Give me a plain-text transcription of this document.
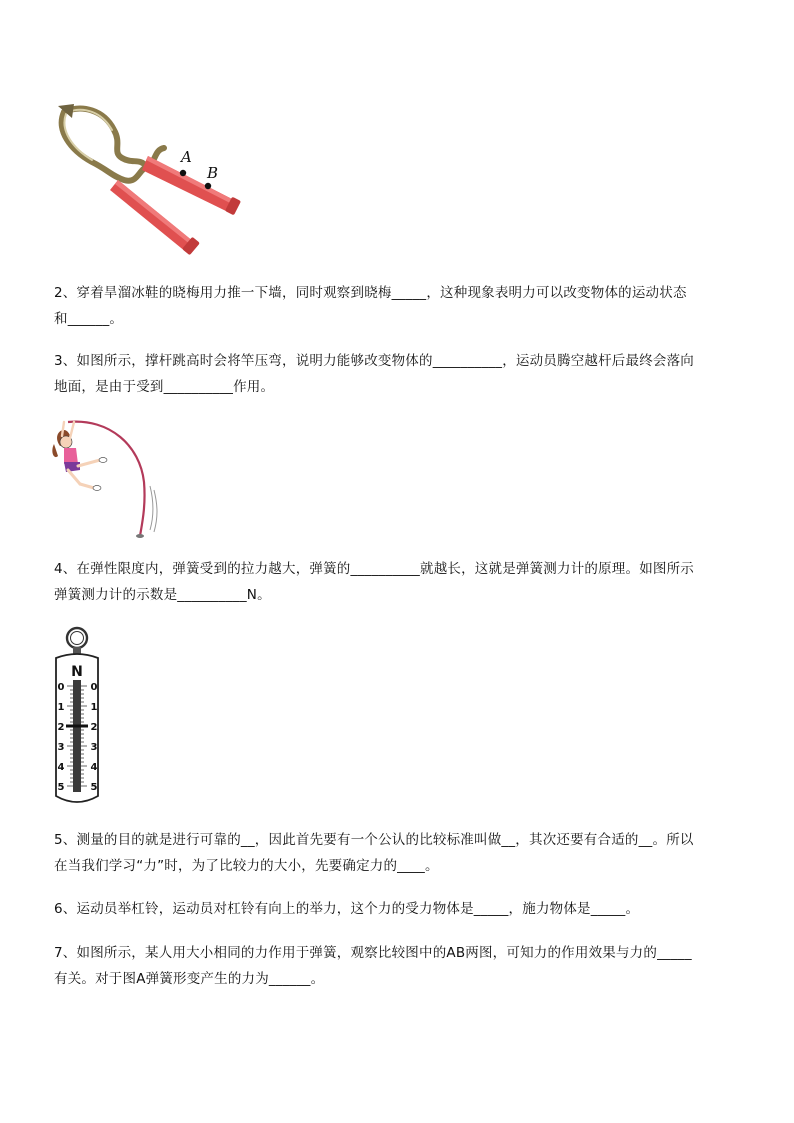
A
B

2、穿着旱溜冰鞋的晓梅用力推一下墙，同时观察到晓梅_____，这种现象表明力可以改变物体的运动状态
和______。

3、如图所示，撑杆跳高时会将竿压弯，说明力能够改变物体的__________，运动员腾空越杆后最终会落向
地面，是由于受到__________作用。

4、在弹性限度内，弹簧受到的拉力越大，弹簧的__________就越长，这就是弹簧测力计的原理。如图所示
弹簧测力计的示数是__________N。

N
0
1
2
3
4
5
0
1
2
3
4
5

5、测量的目的就是进行可靠的__，因此首先要有一个公认的比较标准叫做__，其次还要有合适的__。所以
在当我们学习“力”时，为了比较力的大小，先要确定力的____。

6、运动员举杠铃，运动员对杠铃有向上的举力，这个力的受力物体是_____，施力物体是_____。

7、如图所示，某人用大小相同的力作用于弹簧，观察比较图中的AB两图，可知力的作用效果与力的_____
有关。对于图A弹簧形变产生的力为______。
